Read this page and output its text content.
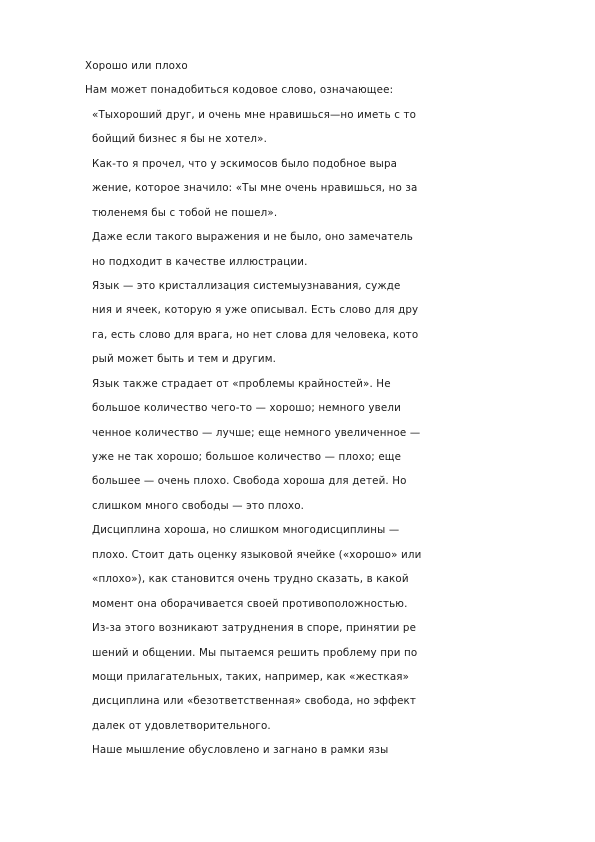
Хорошо или плохо
Нам может понадобиться кодовое слово, означающее:
«Тыхороший друг, и очень мне нравишься—но иметь с то
бойщий бизнес я бы не хотел».
Как-то я прочел, что у эскимосов было подобное выра
жение, которое значило: «Ты мне очень нравишься, но за
тюленемя бы с тобой не пошел».
Даже если такого выражения и не было, оно замечатель
но подходит в качестве иллюстрации.
Язык — это кристаллизация системыузнавания, сужде
ния и ячеек, которую я уже описывал. Есть слово для дру
га, есть слово для врага, но нет слова для человека, кото
рый может быть и тем и другим.
Язык также страдает от «проблемы крайностей». Не
большое количество чего-то — хорошо; немного увели
ченное количество — лучше; еще немного увеличенное —
уже не так хорошо; большое количество — плохо; еще
большее — очень плохо. Свобода хороша для детей. Но
слишком много свободы — это плохо.
Дисциплина хороша, но слишком многодисциплины —
плохо. Стоит дать оценку языковой ячейке («хорошо» или
«плохо»), как становится очень трудно сказать, в какой
момент она оборачивается своей противоположностью.
Из-за этого возникают затруднения в споре, принятии ре
шений и общении. Мы пытаемся решить проблему при по
мощи прилагательных, таких, например, как «жесткая»
дисциплина или «безответственная» свобода, но эффект
далек от удовлетворительного.
Наше мышление обусловлено и загнано в рамки язы
